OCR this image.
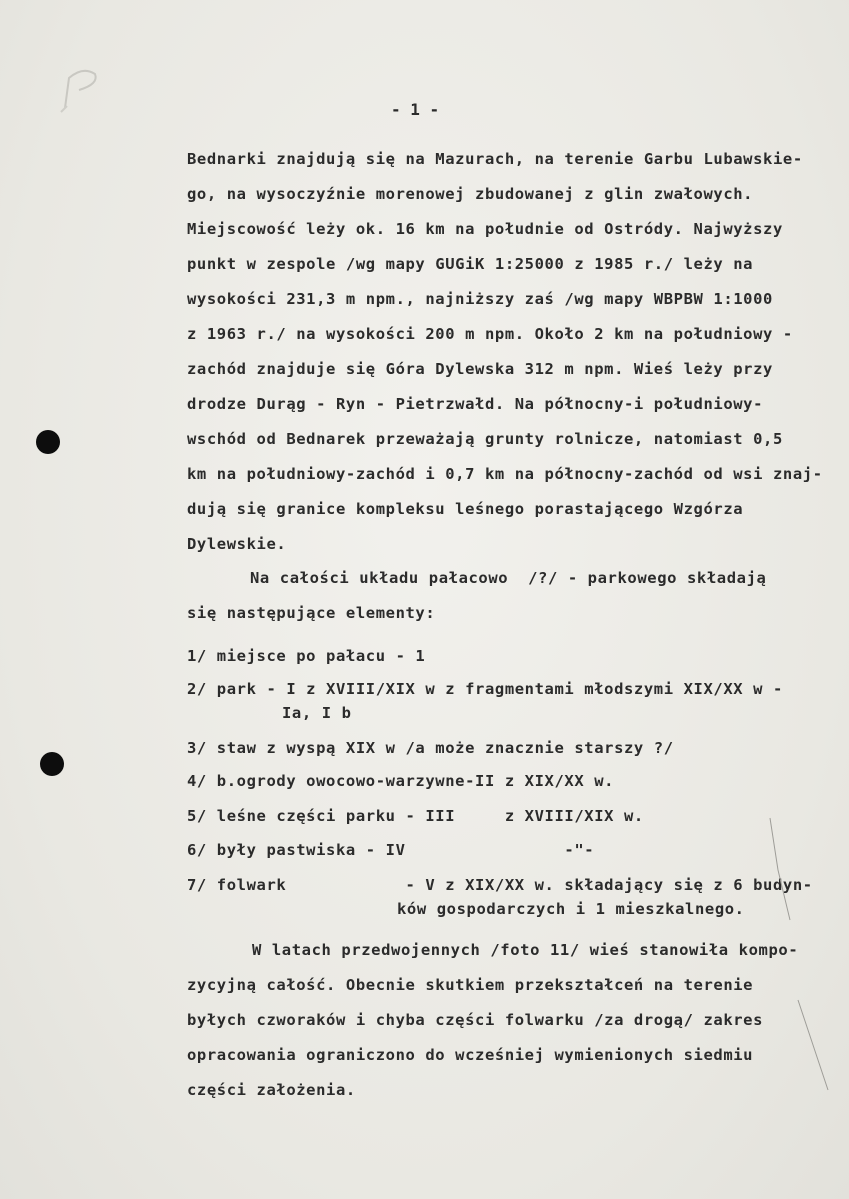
- 1 -
Bednarki znajdują się na Mazurach, na terenie Garbu Lubawskie-
go, na wysoczyźnie morenowej zbudowanej z glin zwałowych.
Miejscowość leży ok. 16 km na południe od Ostródy. Najwyższy
punkt w zespole /wg mapy GUGiK 1:25000 z 1985 r./ leży na
wysokości 231,3 m npm., najniższy zaś /wg mapy WBPBW 1:1000
z 1963 r./ na wysokości 200 m npm. Około 2 km na południowy -
zachód znajduje się Góra Dylewska 312 m npm. Wieś leży przy
drodze Durąg - Ryn - Pietrzwałd. Na północny-i południowy-
wschód od Bednarek przeważają grunty rolnicze, natomiast 0,5
km na południowy-zachód i 0,7 km na północny-zachód od wsi znaj-
dują się granice kompleksu leśnego porastającego Wzgórza
Dylewskie.
Na całości układu pałacowo  /?/ - parkowego składają
się następujące elementy:
1/ miejsce po pałacu - 1
2/ park - I z XVIII/XIX w z fragmentami młodszymi XIX/XX w -
Ia, I b
3/ staw z wyspą XIX w /a może znacznie starszy ?/
4/ b.ogrody owocowo-warzywne-II z XIX/XX w.
5/ leśne części parku - III     z XVIII/XIX w.
6/ były pastwiska - IV                -"-
7/ folwark            - V z XIX/XX w. składający się z 6 budyn-
ków gospodarczych i 1 mieszkalnego.
W latach przedwojennych /foto 11/ wieś stanowiła kompo-
zycyjną całość. Obecnie skutkiem przekształceń na terenie
byłych czworaków i chyba części folwarku /za drogą/ zakres
opracowania ograniczono do wcześniej wymienionych siedmiu
części założenia.
